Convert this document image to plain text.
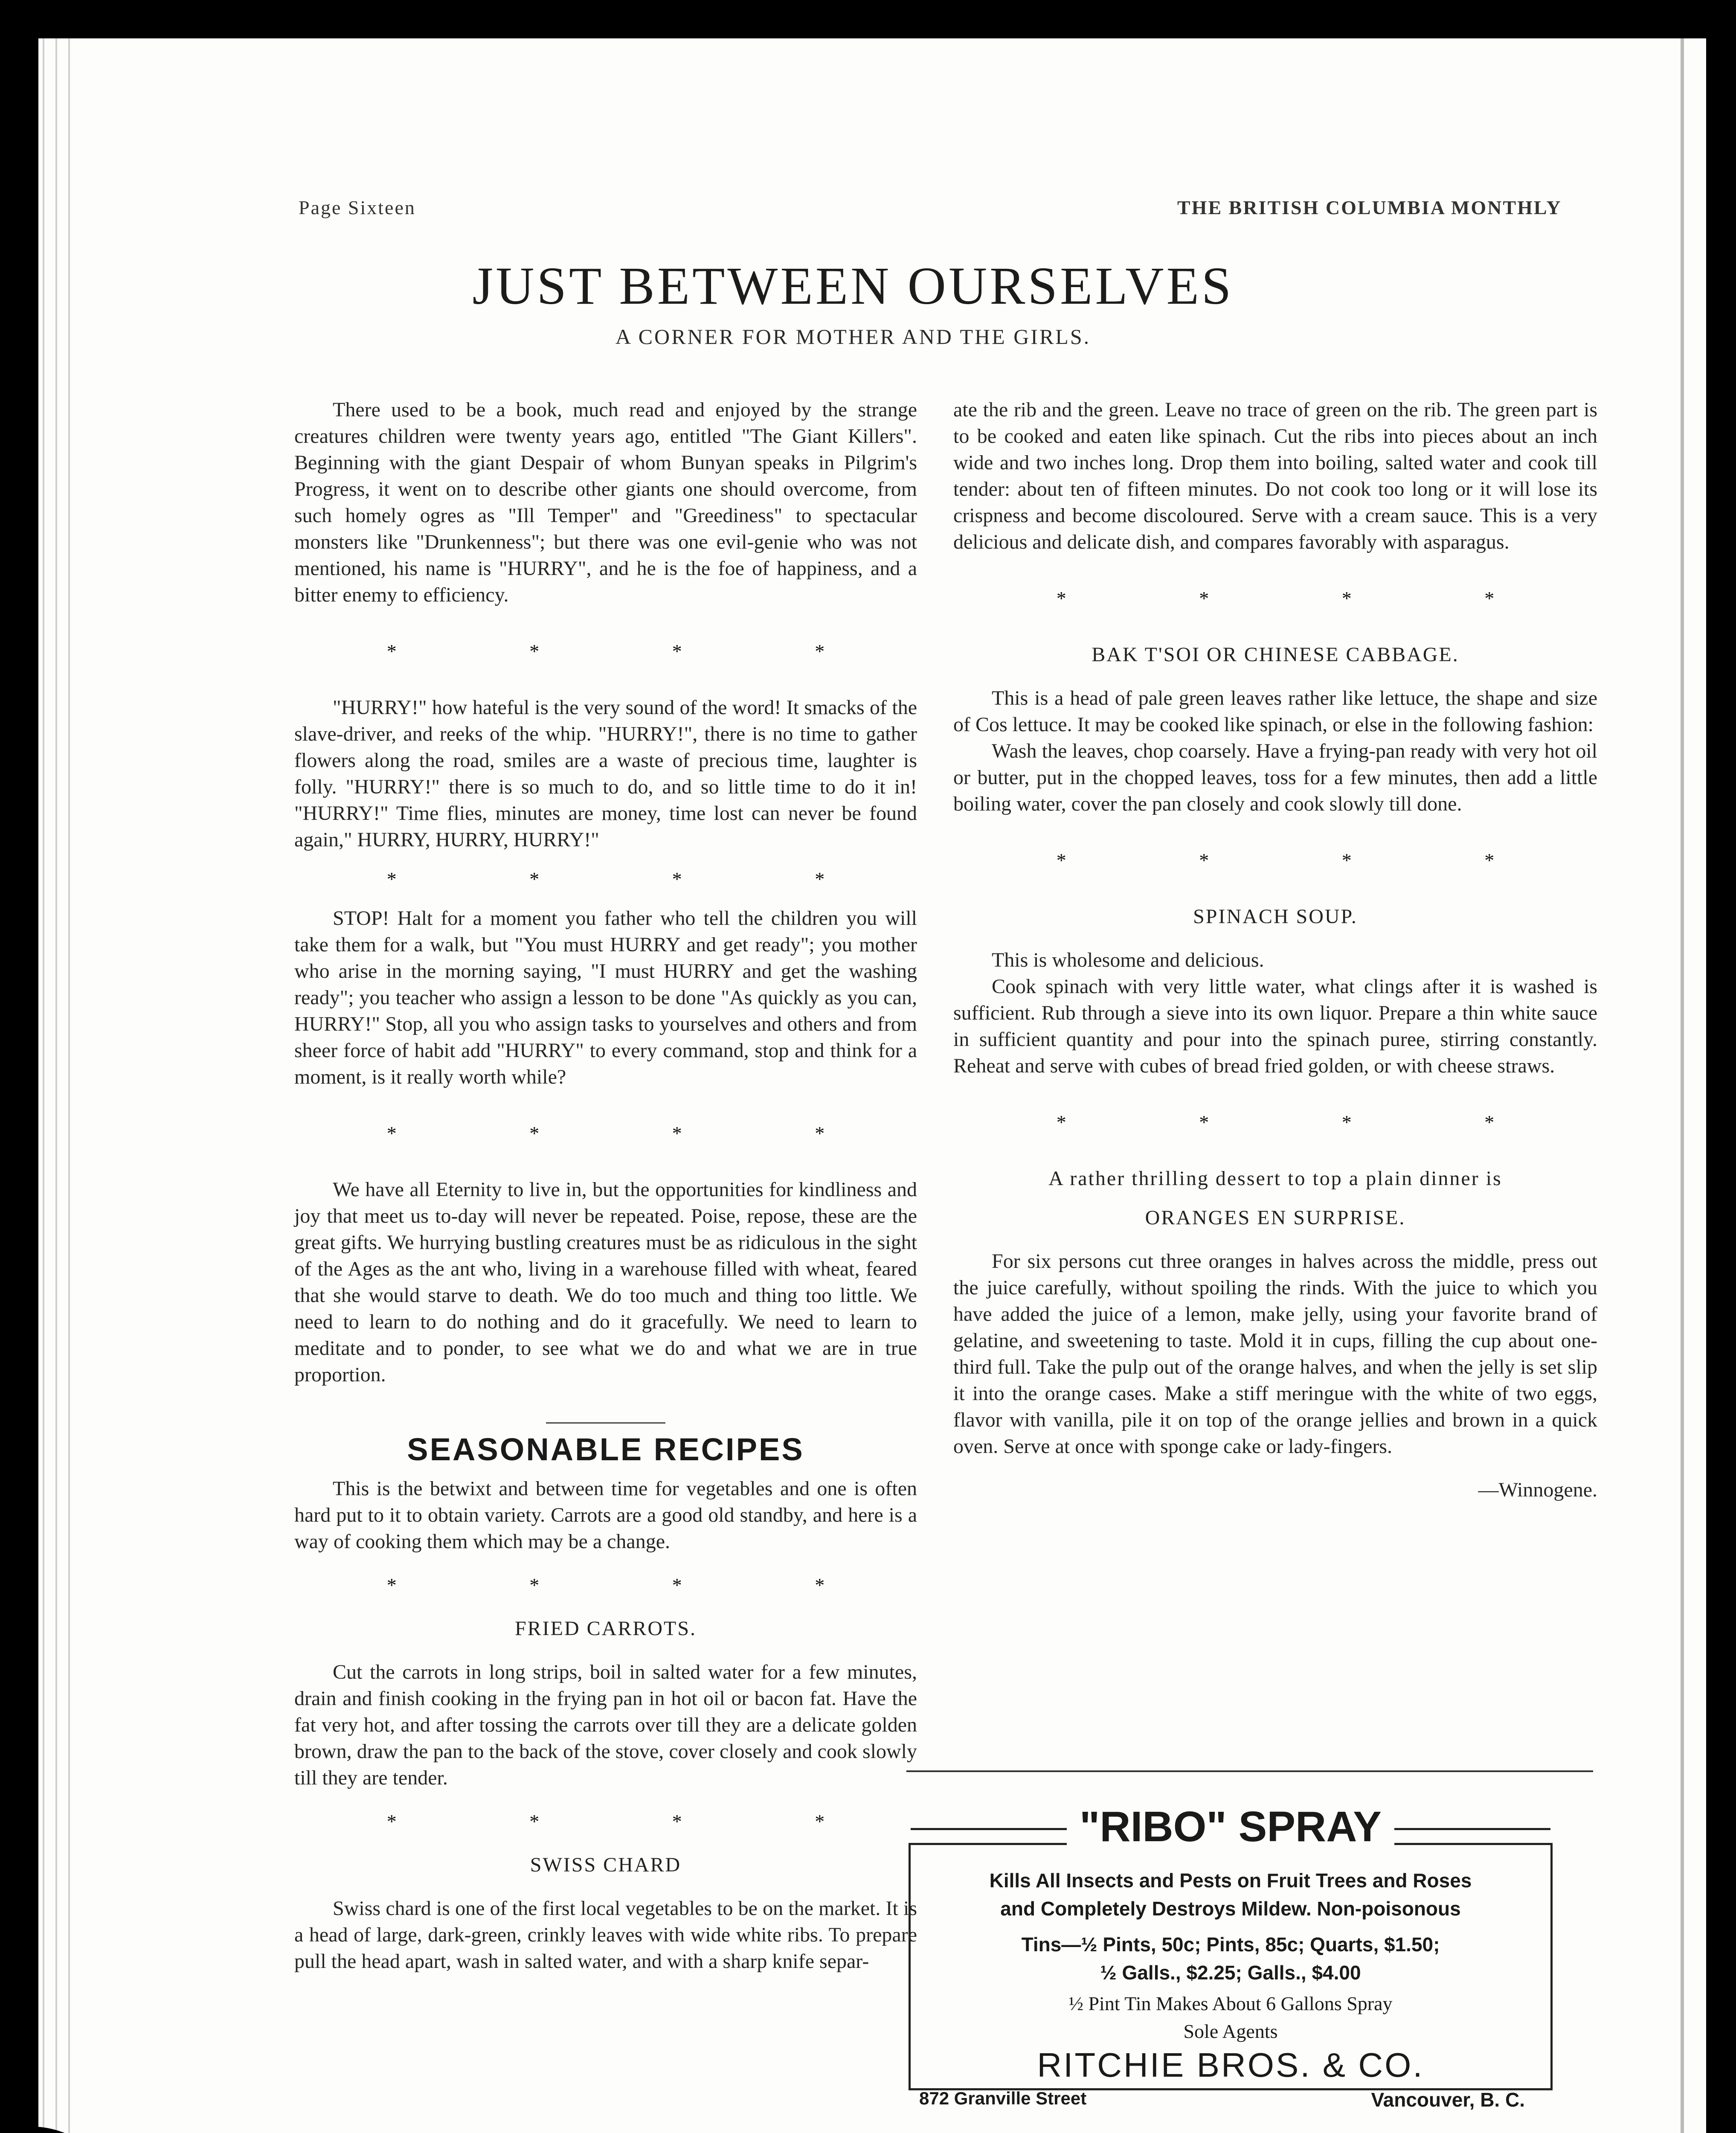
Page Sixteen	THE BRITISH COLUMBIA MONTHLY
JUST BETWEEN OURSELVES
A CORNER FOR MOTHER AND THE GIRLS.

There used to be a book, much read and enjoyed by the strange creatures children were twenty years ago, entitled "The Giant Killers". Beginning with the giant Despair of whom Bunyan speaks in Pilgrim's Progress, it went on to describe other giants one should overcome, from such homely ogres as "Ill Temper" and "Greediness" to spectacular monsters like "Drunkenness"; but there was one evil-genie who was not mentioned, his name is "HURRY", and he is the foe of happiness, and a bitter enemy to efficiency.

* * * *

"HURRY!" how hateful is the very sound of the word! It smacks of the slave-driver, and reeks of the whip. "HURRY!", there is no time to gather flowers along the road, smiles are a waste of precious time, laughter is folly. "HURRY!" there is so much to do, and so little time to do it in! "HURRY!" Time flies, minutes are money, time lost can never be found again," HURRY, HURRY, HURRY!"

* * * *

STOP! Halt for a moment you father who tell the children you will take them for a walk, but "You must HURRY and get ready"; you mother who arise in the morning saying, "I must HURRY and get the washing ready"; you teacher who assign a lesson to be done "As quickly as you can, HURRY!" Stop, all you who assign tasks to yourselves and others and from sheer force of habit add "HURRY" to every command, stop and think for a moment, is it really worth while?

* * * *

We have all Eternity to live in, but the opportunities for kindliness and joy that meet us to-day will never be repeated. Poise, repose, these are the great gifts. We hurrying bustling creatures must be as ridiculous in the sight of the Ages as the ant who, living in a warehouse filled with wheat, feared that she would starve to death. We do too much and thing too little. We need to learn to do nothing and do it gracefully. We need to learn to meditate and to ponder, to see what we do and what we are in true proportion.

SEASONABLE RECIPES

This is the betwixt and between time for vegetables and one is often hard put to it to obtain variety. Carrots are a good old standby, and here is a way of cooking them which may be a change.

* * * *
FRIED CARROTS.

Cut the carrots in long strips, boil in salted water for a few minutes, drain and finish cooking in the frying pan in hot oil or bacon fat. Have the fat very hot, and after tossing the carrots over till they are a delicate golden brown, draw the pan to the back of the stove, cover closely and cook slowly till they are tender.

* * * *
SWISS CHARD

Swiss chard is one of the first local vegetables to be on the market. It is a head of large, dark-green, crinkly leaves with wide white ribs. To prepare pull the head apart, wash in salted water, and with a sharp knife separ-

ate the rib and the green. Leave no trace of green on the rib. The green part is to be cooked and eaten like spinach. Cut the ribs into pieces about an inch wide and two inches long. Drop them into boiling, salted water and cook till tender: about ten of fifteen minutes. Do not cook too long or it will lose its crispness and become discoloured. Serve with a cream sauce. This is a very delicious and delicate dish, and compares favorably with asparagus.

* * * *
BAK T'SOI OR CHINESE CABBAGE.

This is a head of pale green leaves rather like lettuce, the shape and size of Cos lettuce. It may be cooked like spinach, or else in the following fashion:

Wash the leaves, chop coarsely. Have a frying-pan ready with very hot oil or butter, put in the chopped leaves, toss for a few minutes, then add a little boiling water, cover the pan closely and cook slowly till done.

* * * *
SPINACH SOUP.

This is wholesome and delicious.

Cook spinach with very little water, what clings after it is washed is sufficient. Rub through a sieve into its own liquor. Prepare a thin white sauce in sufficient quantity and pour into the spinach puree, stirring constantly. Reheat and serve with cubes of bread fried golden, or with cheese straws.

* * * *
A rather thrilling dessert to top a plain dinner is
ORANGES EN SURPRISE.

For six persons cut three oranges in halves across the middle, press out the juice carefully, without spoiling the rinds. With the juice to which you have added the juice of a lemon, make jelly, using your favorite brand of gelatine, and sweetening to taste. Mold it in cups, filling the cup about one-third full. Take the pulp out of the orange halves, and when the jelly is set slip it into the orange cases. Make a stiff meringue with the white of two eggs, flavor with vanilla, pile it on top of the orange jellies and brown in a quick oven. Serve at once with sponge cake or lady-fingers.

—Winnogene.
"RIBO" SPRAY
Kills All Insects and Pests on Fruit Trees and Roses
and Completely Destroys Mildew. Non-poisonous
Tins—½ Pints, 50c; Pints, 85c; Quarts, $1.50;
½ Galls., $2.25; Galls., $4.00
½ Pint Tin Makes About 6 Gallons Spray
Sole Agents
RITCHIE BROS. & CO.
872 Granville Street	Vancouver, B. C.
